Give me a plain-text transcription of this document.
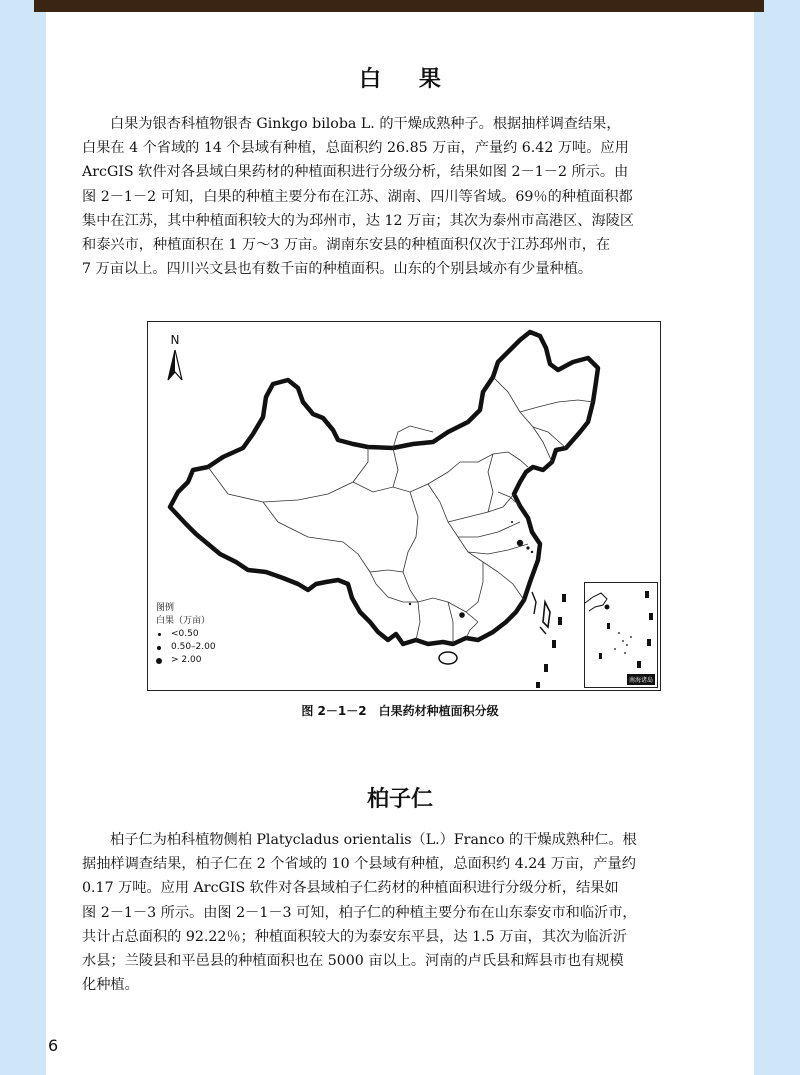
白 果
白果为银杏科植物银杏 Ginkgo biloba L. 的干燥成熟种子。根据抽样调查结果，
白果在 4 个省域的 14 个县域有种植，总面积约 26.85 万亩，产量约 6.42 万吨。应用
ArcGIS 软件对各县域白果药材的种植面积进行分级分析，结果如图 2－1－2 所示。由
图 2－1－2 可知，白果的种植主要分布在江苏、湖南、四川等省域。69％的种植面积都
集中在江苏，其中种植面积较大的为邳州市，达 12 万亩；其次为泰州市高港区、海陵区
和泰兴市，种植面积在 1 万～3 万亩。湖南东安县的种植面积仅次于江苏邳州市，在
7 万亩以上。四川兴文县也有数千亩的种植面积。山东的个别县域亦有少量种植。
N
图例
白果（万亩）
<0.50
0.50–2.00
> 2.00
南海诸岛
图 2－1－2　白果药材种植面积分级
柏子仁
柏子仁为柏科植物侧柏 Platycladus orientalis（L.）Franco 的干燥成熟种仁。根
据抽样调查结果，柏子仁在 2 个省域的 10 个县域有种植，总面积约 4.24 万亩，产量约
0.17 万吨。应用 ArcGIS 软件对各县域柏子仁药材的种植面积进行分级分析，结果如
图 2－1－3 所示。由图 2－1－3 可知，柏子仁的种植主要分布在山东泰安市和临沂市，
共计占总面积的 92.22％；种植面积较大的为泰安东平县，达 1.5 万亩，其次为临沂沂
水县；兰陵县和平邑县的种植面积也在 5000 亩以上。河南的卢氏县和辉县市也有规模
化种植。
6
